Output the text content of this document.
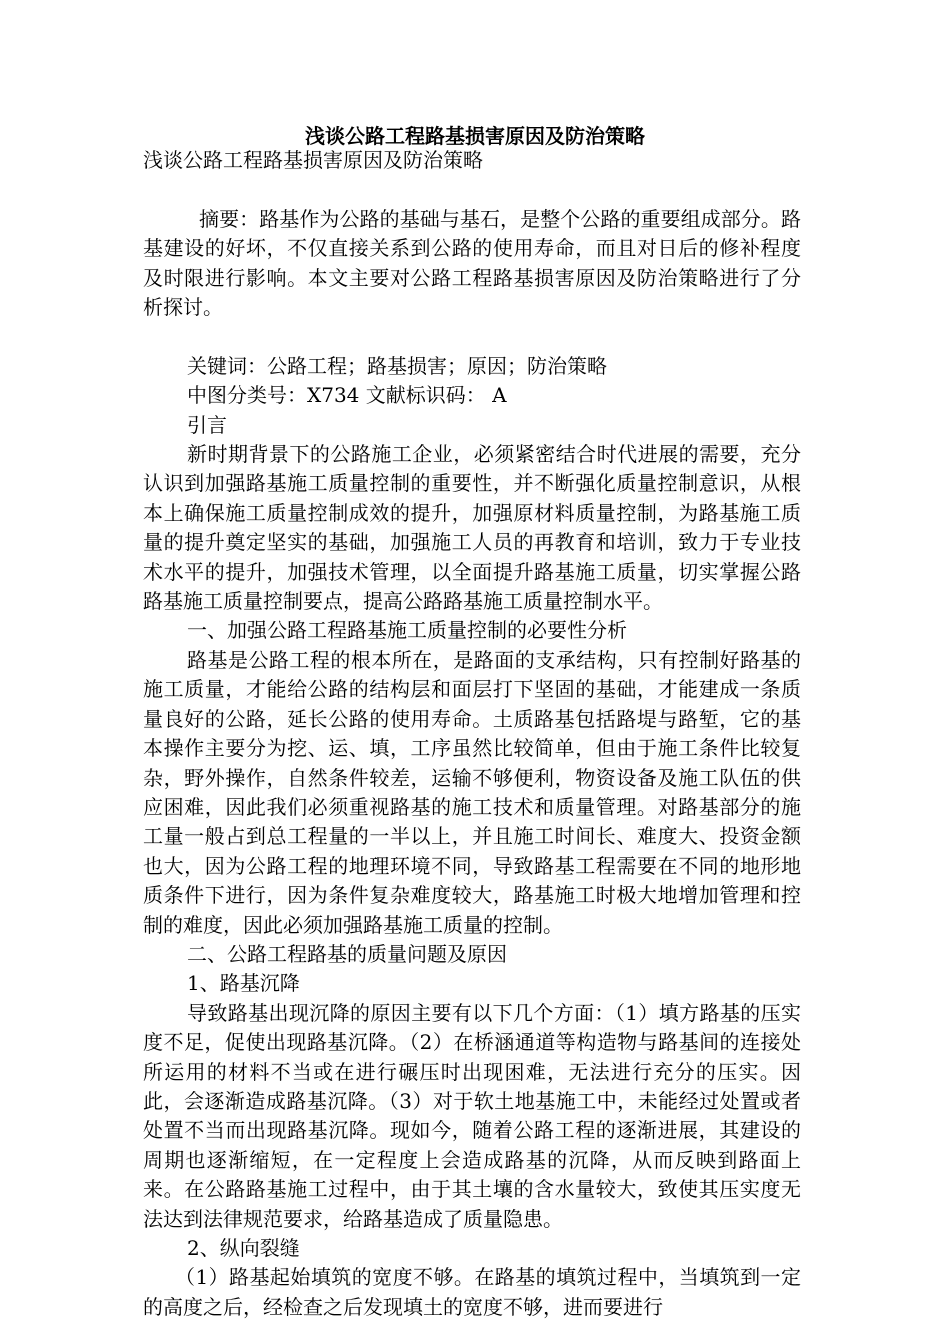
浅谈公路工程路基损害原因及防治策略

浅谈公路工程路基损害原因及防治策略

摘要：路基作为公路的基础与基石，是整个公路的重要组成部分。路基建设的好坏，不仅直接关系到公路的使用寿命，而且对日后的修补程度及时限进行影响。本文主要对公路工程路基损害原因及防治策略进行了分析探讨。

关键词：公路工程；路基损害；原因；防治策略

中图分类号：X734 文献标识码： A

引言

新时期背景下的公路施工企业，必须紧密结合时代进展的需要，充分认识到加强路基施工质量控制的重要性，并不断强化质量控制意识，从根本上确保施工质量控制成效的提升，加强原材料质量控制，为路基施工质量的提升奠定坚实的基础，加强施工人员的再教育和培训，致力于专业技术水平的提升，加强技术管理，以全面提升路基施工质量，切实掌握公路路基施工质量控制要点，提高公路路基施工质量控制水平。

一、加强公路工程路基施工质量控制的必要性分析

路基是公路工程的根本所在，是路面的支承结构，只有控制好路基的施工质量，才能给公路的结构层和面层打下坚固的基础，才能建成一条质量良好的公路，延长公路的使用寿命。土质路基包括路堤与路堑，它的基本操作主要分为挖、运、填，工序虽然比较简单，但由于施工条件比较复杂，野外操作，自然条件较差，运输不够便利，物资设备及施工队伍的供应困难，因此我们必须重视路基的施工技术和质量管理。对路基部分的施工量一般占到总工程量的一半以上，并且施工时间长、难度大、投资金额也大，因为公路工程的地理环境不同，导致路基工程需要在不同的地形地质条件下进行，因为条件复杂难度较大，路基施工时极大地增加管理和控制的难度，因此必须加强路基施工质量的控制。

二、公路工程路基的质量问题及原因

1、路基沉降

导致路基出现沉降的原因主要有以下几个方面：（1）填方路基的压实度不足，促使出现路基沉降。（2）在桥涵通道等构造物与路基间的连接处所运用的材料不当或在进行碾压时出现困难，无法进行充分的压实。因此，会逐渐造成路基沉降。（3）对于软土地基施工中，未能经过处置或者处置不当而出现路基沉降。现如今，随着公路工程的逐渐进展，其建设的周期也逐渐缩短，在一定程度上会造成路基的沉降，从而反映到路面上来。在公路路基施工过程中，由于其土壤的含水量较大，致使其压实度无法达到法律规范要求，给路基造成了质量隐患。

2、纵向裂缝

（1）路基起始填筑的宽度不够。在路基的填筑过程中，当填筑到一定的高度之后，经检查之后发现填土的宽度不够，进而要进行
